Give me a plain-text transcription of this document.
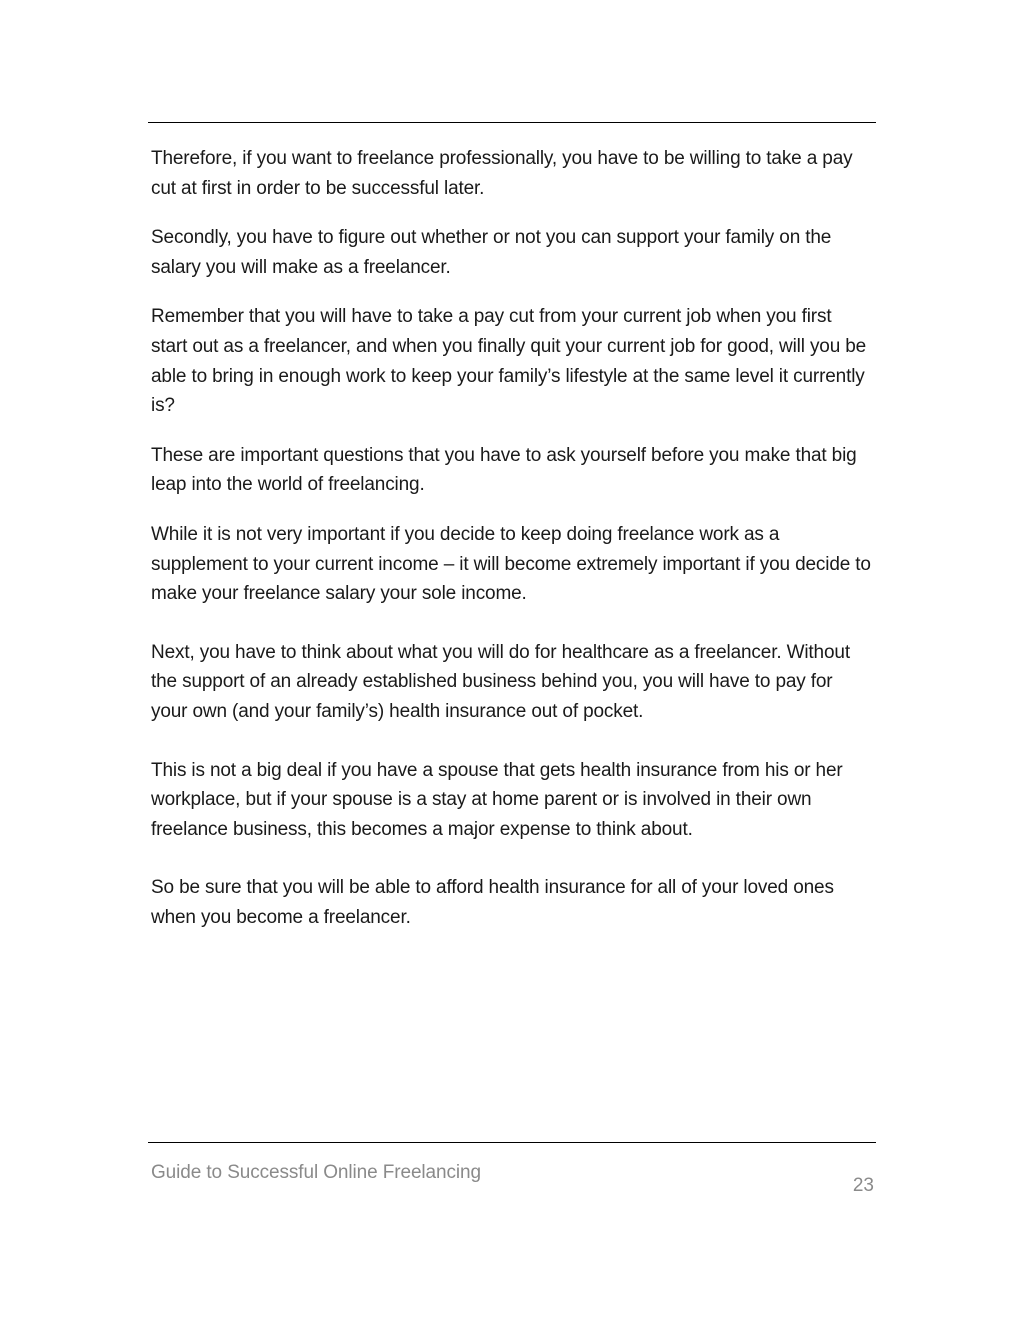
Therefore, if you want to freelance professionally, you have to be willing to take a pay cut at first in order to be successful later.

Secondly, you have to figure out whether or not you can support your family on the salary you will make as a freelancer.

Remember that you will have to take a pay cut from your current job when you first start out as a freelancer, and when you finally quit your current job for good, will you be able to bring in enough work to keep your family’s lifestyle at the same level it currently is?

These are important questions that you have to ask yourself before you make that big leap into the world of freelancing.

While it is not very important if you decide to keep doing freelance work as a supplement to your current income – it will become extremely important if you decide to make your freelance salary your sole income.

Next, you have to think about what you will do for healthcare as a freelancer. Without the support of an already established business behind you, you will have to pay for your own (and your family’s) health insurance out of pocket.

This is not a big deal if you have a spouse that gets health insurance from his or her workplace, but if your spouse is a stay at home parent or is involved in their own freelance business, this becomes a major expense to think about.

So be sure that you will be able to afford health insurance for all of your loved ones when you become a freelancer.

Guide to Successful Online Freelancing
23
